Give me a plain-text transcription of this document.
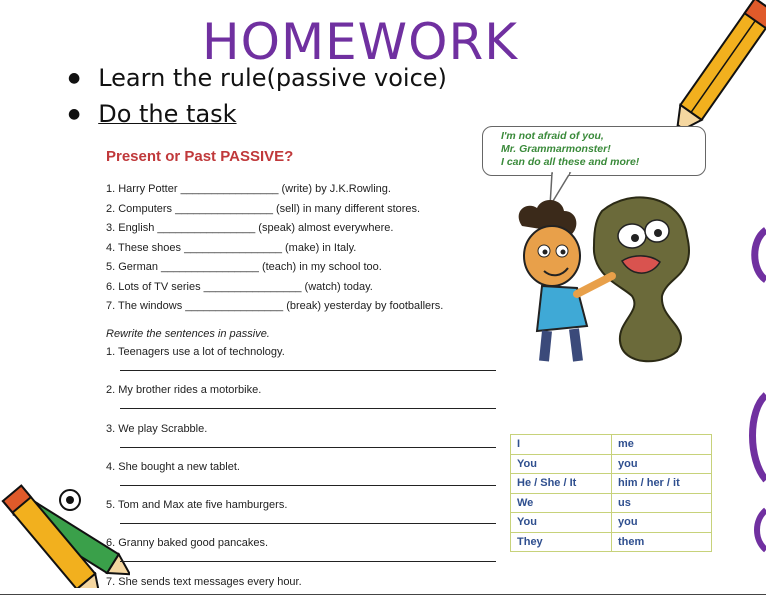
HOMEWORK
● Learn the rule(passive voice)
● Do the task
Present or Past PASSIVE?
1. Harry Potter ________________ (write) by J.K.Rowling.
2. Computers ________________ (sell) in many different stores.
3. English ________________ (speak) almost everywhere.
4. These shoes ________________ (make) in Italy.
5. German ________________ (teach) in my school too.
6. Lots of TV series ________________ (watch) today.
7. The windows ________________ (break) yesterday by footballers.
Rewrite the sentences in passive.
1. Teenagers use a lot of technology.
2. My brother rides a motorbike.
3. We play Scrabble.
4. She bought a new tablet.
5. Tom and Max ate five hamburgers.
6. Granny baked good pancakes.
7. She sends text messages every hour.
I'm not afraid of you,
Mr. Grammarmonster!
I can do all these and more!
I	me
You	you
He / She / It	him / her / it
We	us
You	you
They	them
